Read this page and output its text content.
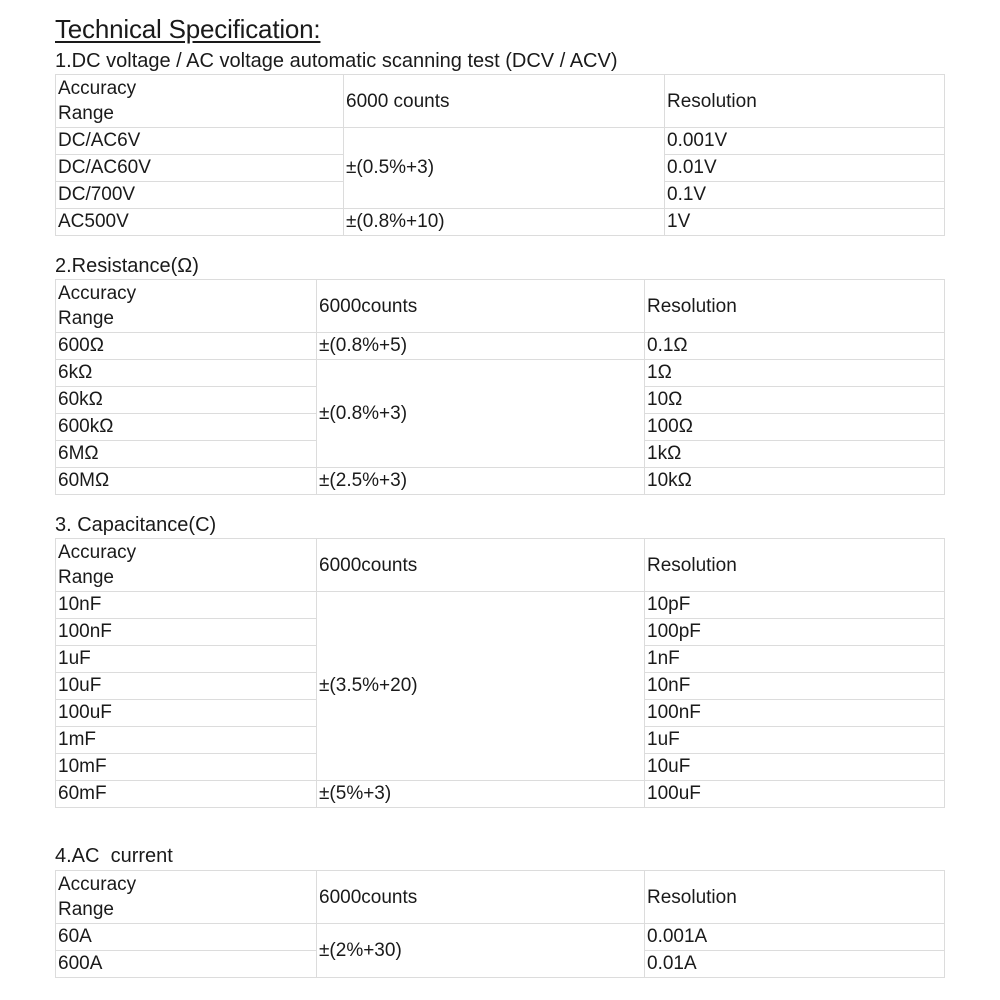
Technical Specification:
1.DC voltage / AC voltage automatic scanning test (DCV / ACV)
Accuracy
Range	6000 counts	Resolution
DC/AC6V	±(0.5%+3)	0.001V
DC/AC60V		0.01V
DC/700V		0.1V
AC500V	±(0.8%+10)	1V
2.Resistance(Ω)
Accuracy
Range	6000counts	Resolution
600Ω	±(0.8%+5)	0.1Ω
6kΩ	±(0.8%+3)	1Ω
60kΩ		10Ω
600kΩ		100Ω
6MΩ		1kΩ
60MΩ	±(2.5%+3)	10kΩ
3. Capacitance(C)
Accuracy
Range	6000counts	Resolution
10nF	±(3.5%+20)	10pF
100nF		100pF
1uF		1nF
10uF		10nF
100uF		100nF
1mF		1uF
10mF		10uF
60mF	±(5%+3)	100uF
4.AC  current
Accuracy
Range	6000counts	Resolution
60A	±(2%+30)	0.001A
600A		0.01A
